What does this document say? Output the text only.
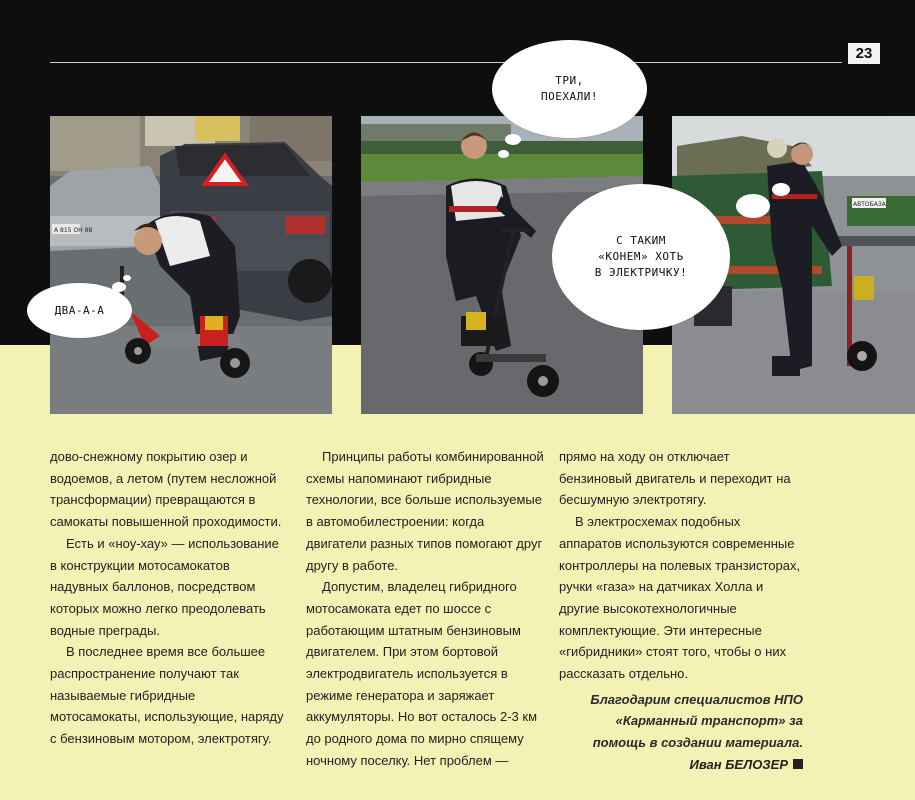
23
А 815 ОН 98
АВТОБАЗА
ДВА-А-А
ТРИ,
ПОЕХАЛИ!
С ТАКИМ
«КОНЕМ» ХОТЬ
В ЭЛЕКТРИЧКУ!

дово-снежному покрытию озер и водоемов, а летом (путем несложной трансформации) превращаются в самокаты повышенной проходимости.

Есть и «ноу-хау» — использование в конструкции мотосамокатов надувных баллонов, посредством которых можно легко преодолевать водные преграды.

В последнее время все большее распространение получают так называемые гибридные мотосамокаты, использующие, наряду с бензиновым мотором, электротягу.

Принципы работы комбинированной схемы напоминают гибридные технологии, все больше используемые в автомобилестроении: когда двигатели разных типов помогают друг другу в работе.

Допустим, владелец гибридного мотосамоката едет по шоссе с работающим штатным бензиновым двигателем. При этом бортовой электродвигатель используется в режиме генератора и заряжает аккумуляторы. Но вот осталось 2-3 км до родного дома по мирно спящему ночному поселку. Нет проблем —

прямо на ходу он отключает бензиновый двигатель и переходит на бесшумную электротягу.

В электросхемах подобных аппаратов используются современные контроллеры на полевых транзисторах, ручки «газа» на датчиках Холла и другие высокотехнологичные комплектующие. Эти интересные «гибридники» стоят того, чтобы о них рассказать отдельно.

Благодарим специалистов НПО «Карманный транспорт» за помощь в создании материала.

Иван БЕЛОЗЕР
